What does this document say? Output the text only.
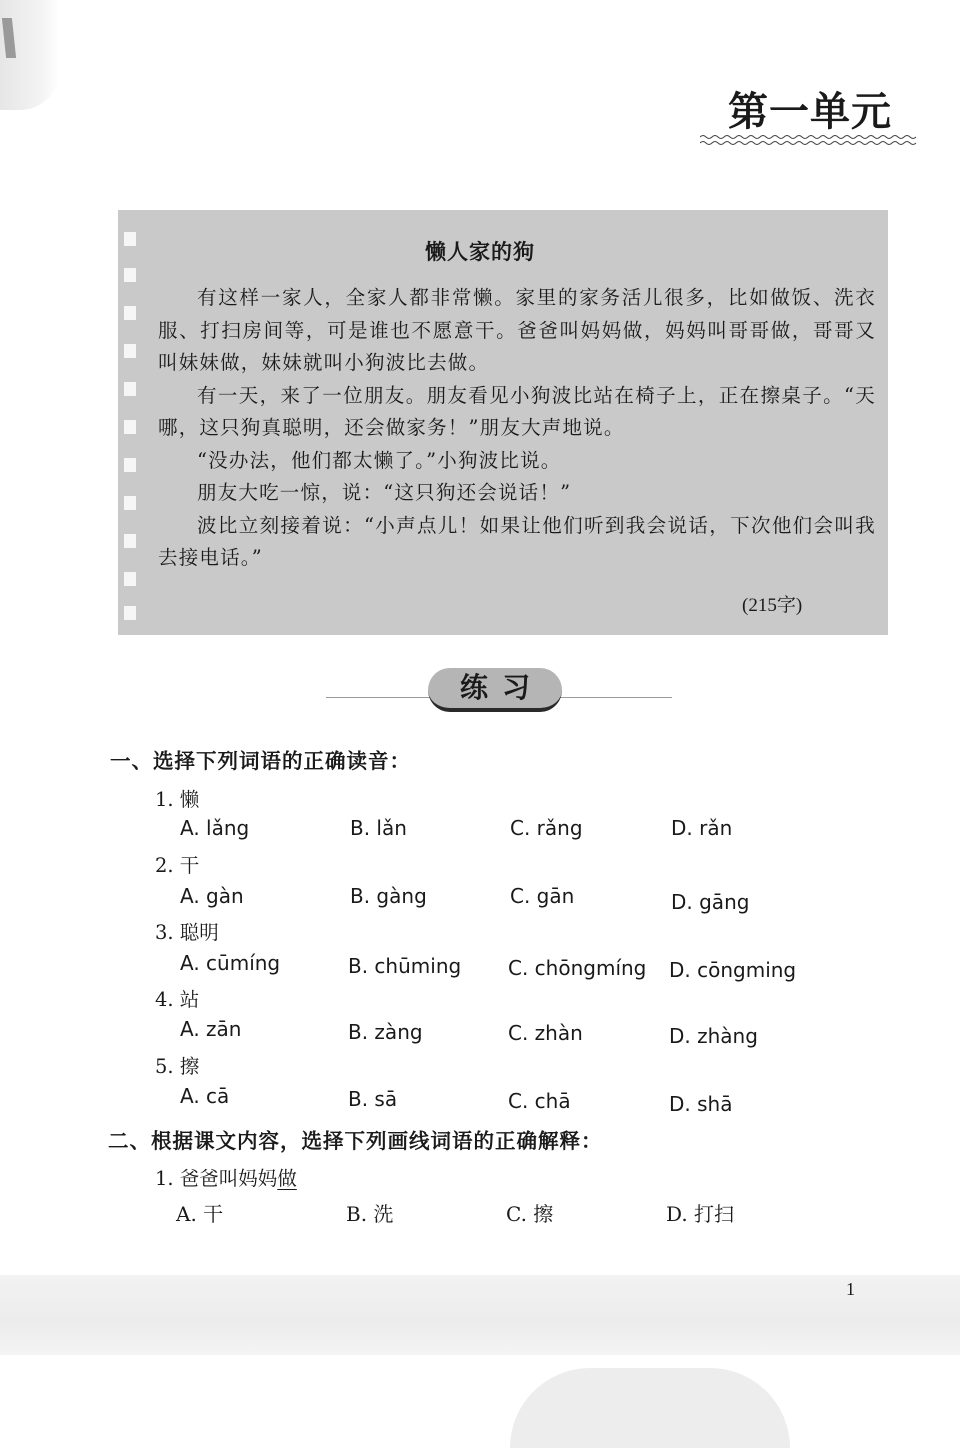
第一单元
懒人家的狗

有这样一家人，全家人都非常懒。家里的家务活儿很多，比如做饭、洗衣服、打扫房间等，可是谁也不愿意干。爸爸叫妈妈做，妈妈叫哥哥做，哥哥又叫妹妹做，妹妹就叫小狗波比去做。

有一天，来了一位朋友。朋友看见小狗波比站在椅子上，正在擦桌子。“天哪，这只狗真聪明，还会做家务！”朋友大声地说。

“没办法，他们都太懒了。”小狗波比说。

朋友大吃一惊，说：“这只狗还会说话！”

波比立刻接着说：“小声点儿！如果让他们听到我会说话，下次他们会叫我去接电话。”

(215字)
练习
一、选择下列词语的正确读音：
1. 懒
A. lǎng	B. lǎn	C. rǎng	D. rǎn
2. 干
A. gàn	B. gàng	C. gān	D. gāng
3. 聪明
A. cūmíng	B. chūming C. chōngmíng D. cōngming
4. 站
A. zān	B. zàng	C. zhàn	D. zhàng
5. 擦
A. cā	B. sā	C. chā	D. shā
二、根据课文内容，选择下列画线词语的正确解释：
1. 爸爸叫妈妈做
A. 干	B. 洗	C. 擦	D. 打扫
1
